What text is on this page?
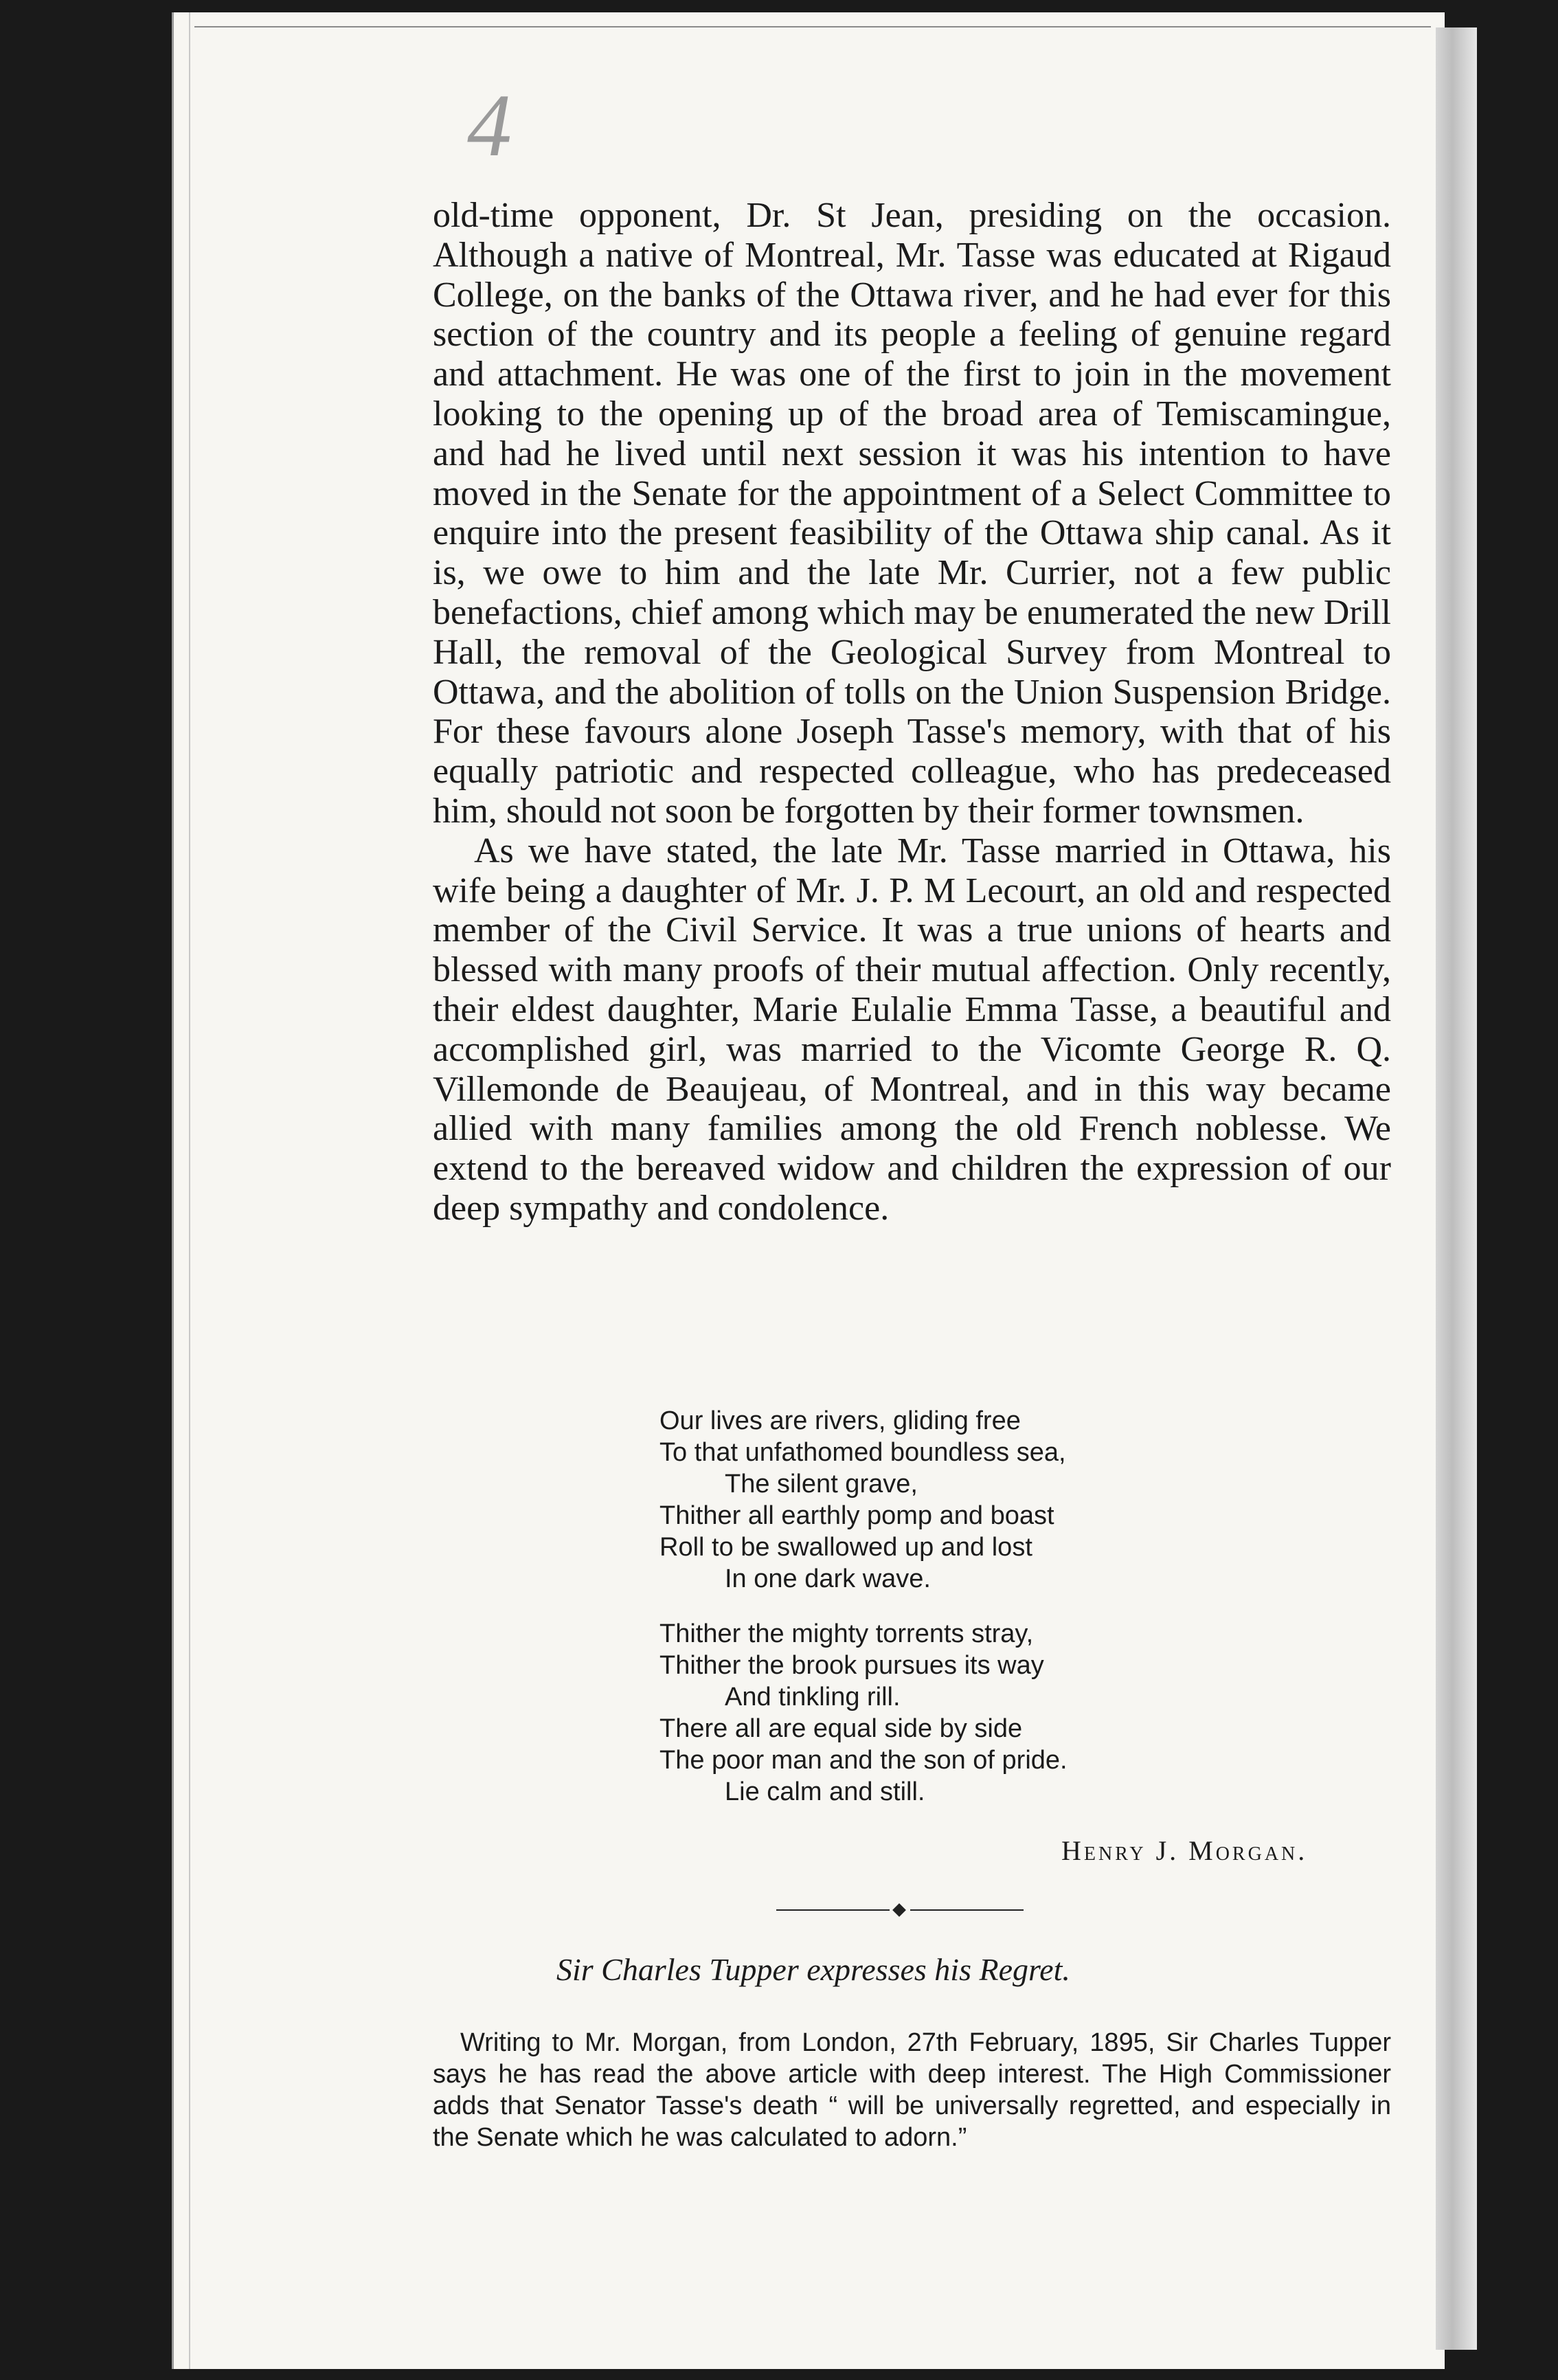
4

old-time opponent, Dr. St Jean, presiding on the occasion. Although a native of Montreal, Mr. Tasse was educated at Rigaud College, on the banks of the Ottawa river, and he had ever for this section of the country and its people a feeling of genuine regard and attachment. He was one of the first to join in the movement looking to the opening up of the broad area of Temiscamingue, and had he lived until next session it was his intention to have moved in the Senate for the appointment of a Select Committee to enquire into the present feasibility of the Ottawa ship canal. As it is, we owe to him and the late Mr. Currier, not a few public benefactions, chief among which may be enumerated the new Drill Hall, the removal of the Geological Survey from Montreal to Ottawa, and the abolition of tolls on the Union Suspension Bridge. For these favours alone Joseph Tasse's memory, with that of his equally patriotic and respected colleague, who has predeceased him, should not soon be forgotten by their former townsmen.

As we have stated, the late Mr. Tasse married in Ottawa, his wife being a daughter of Mr. J. P. M Lecourt, an old and respected member of the Civil Service. It was a true unions of hearts and blessed with many proofs of their mutual affection. Only recently, their eldest daughter, Marie Eulalie Emma Tasse, a beautiful and accomplished girl, was married to the Vicomte George R. Q. Villemonde de Beaujeau, of Montreal, and in this way became allied with many families among the old French noblesse. We extend to the bereaved widow and children the expression of our deep sympathy and condolence.

Our lives are rivers, gliding free
To that unfathomed boundless sea,
The silent grave,
Thither all earthly pomp and boast
Roll to be swallowed up and lost
In one dark wave.
Thither the mighty torrents stray,
Thither the brook pursues its way
And tinkling rill.
There all are equal side by side
The poor man and the son of pride.
Lie calm and still.
Henry J. Morgan.
Sir Charles Tupper expresses his Regret.
Writing to Mr. Morgan, from London, 27th February, 1895, Sir Charles Tupper says he has read the above article with deep interest. The High Commissioner adds that Senator Tasse's death “ will be universally regretted, and especially in the Senate which he was calculated to adorn.”
